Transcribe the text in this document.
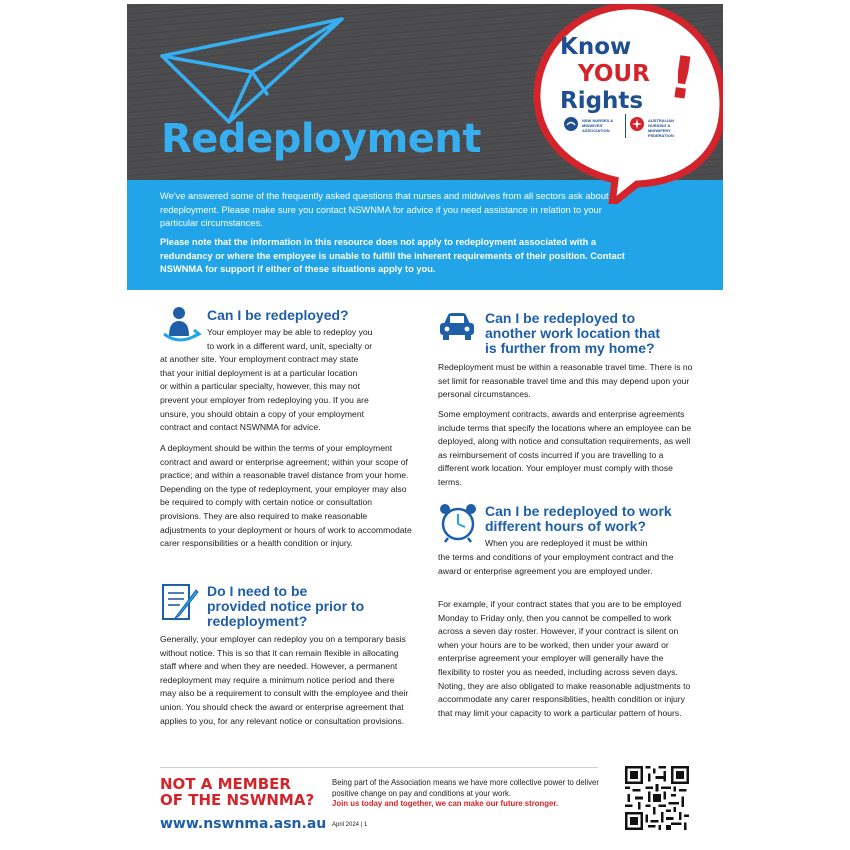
Redeployment

We've answered some of the frequently asked questions that nurses and midwives from all sectors ask about redeployment. Please make sure you contact NSWNMA for advice if you need assistance in relation to your particular circumstances.

Please note that the information in this resource does not apply to redeployment associated with a redundancy or where the employee is unable to fulfill the inherent requirements of their position. Contact NSWNMA for support if either of these situations apply to you.

Know
YOUR
Rights !
NSW NURSES & MIDWIVES' ASSOCIATION
AUSTRALIAN NURSING & MIDWIFERY FEDERATION
Can I be redeployed?
Your employer may be able to redeploy you
to work in a different ward, unit, specialty or
at another site. Your employment contract may state
that your initial deployment is at a particular location
or within a particular specialty, however, this may not
prevent your employer from redeploying you. If you are
unsure, you should obtain a copy of your employment
contract and contact NSWNMA for advice.

A deployment should be within the terms of your employment contract and award or enterprise agreement; within your scope of practice; and within a reasonable travel distance from your home. Depending on the type of redeployment, your employer may also be required to comply with certain notice or consultation provisions. They are also required to make reasonable adjustments to your deployment or hours of work to accommodate carer responsibilities or a health condition or injury.

Do I need to be
provided notice prior to
redeployment?

Generally, your employer can redeploy you on a temporary basis without notice. This is so that it can remain flexible in allocating staff where and when they are needed. However, a permanent redeployment may require a minimum notice period and there may also be a requirement to consult with the employee and their union. You should check the award or enterprise agreement that applies to you, for any relevant notice or consultation provisions.

Can I be redeployed to
another work location that
is further from my home?

Redeployment must be within a reasonable travel time. There is no set limit for reasonable travel time and this may depend upon your personal circumstances.

Some employment contracts, awards and enterprise agreements include terms that specify the locations where an employee can be deployed, along with notice and consultation requirements, as well as reimbursement of costs incurred if you are travelling to a different work location. Your employer must comply with those terms.

Can I be redeployed to work
different hours of work?
When you are redeployed it must be within

the terms and conditions of your employment contract and the award or enterprise agreement you are employed under.

For example, if your contract states that you are to be employed Monday to Friday only, then you cannot be compelled to work across a seven day roster. However, if your contract is silent on when your hours are to be worked, then under your award or enterprise agreement your employer will generally have the flexibility to roster you as needed, including across seven days. Noting, they are also obligated to make reasonable adjustments to accommodate any carer responsiblities, health condition or injury that may limit your capacity to work a particular pattern of hours.

NOT A MEMBER
OF THE NSWNMA?
www.nswnma.asn.au
Being part of the Association means we have more collective power to deliver positive change on pay and conditions at your work.
Join us today and together, we can make our future stronger.
April 2024 | 1
